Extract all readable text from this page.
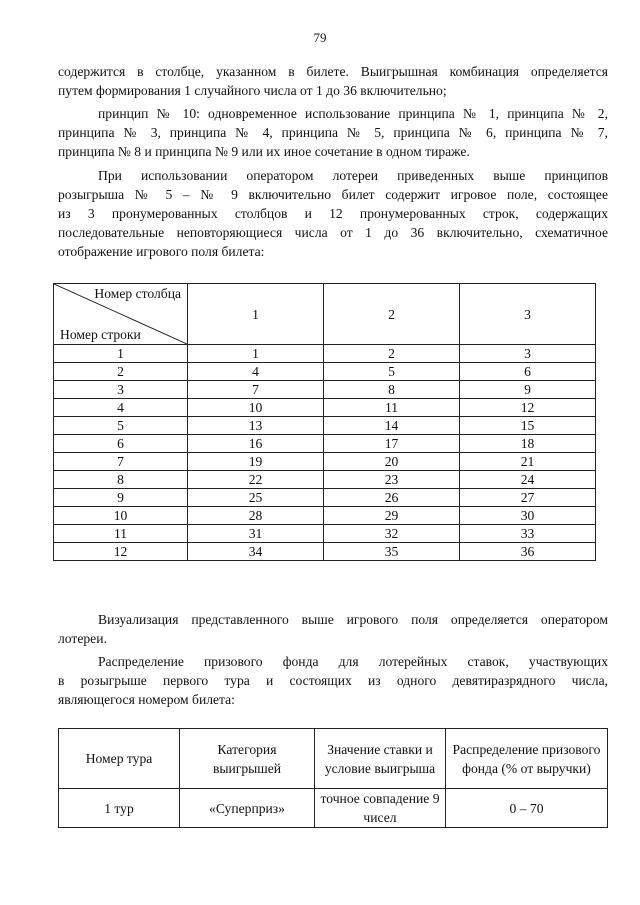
79
содержится в столбце, указанном в билете. Выигрышная комбинация определяется
путем формирования 1 случайного числа от 1 до 36 включительно;
принцип № 10: одновременное использование принципа № 1, принципа № 2,
принципа № 3, принципа № 4, принципа № 5, принципа № 6, принципа № 7,
принципа № 8 и принципа № 9 или их иное сочетание в одном тираже.
При использовании оператором лотереи приведенных выше принципов
розыгрыша № 5 – № 9 включительно билет содержит игровое поле, состоящее
из 3 пронумерованных столбцов и 12 пронумерованных строк, содержащих
последовательные неповторяющиеся числа от 1 до 36 включительно, схематичное
отображение игрового поля билета:
Номер столбца
Номер строки	1	2	3
1	1	2	3
2	4	5	6
3	7	8	9
4	10	11	12
5	13	14	15
6	16	17	18
7	19	20	21
8	22	23	24
9	25	26	27
10	28	29	30
11	31	32	33
12	34	35	36
Визуализация представленного выше игрового поля определяется оператором
лотереи.
Распределение призового фонда для лотерейных ставок, участвующих
в розыгрыше первого тура и состоящих из одного девятиразрядного числа,
являющегося номером билета:
Номер тура	Категория выигрышей	Значение ставки и условие выигрыша	Распределение призового фонда (% от выручки)
1 тур	«Суперприз»	точное совпадение 9 чисел	0 – 70
